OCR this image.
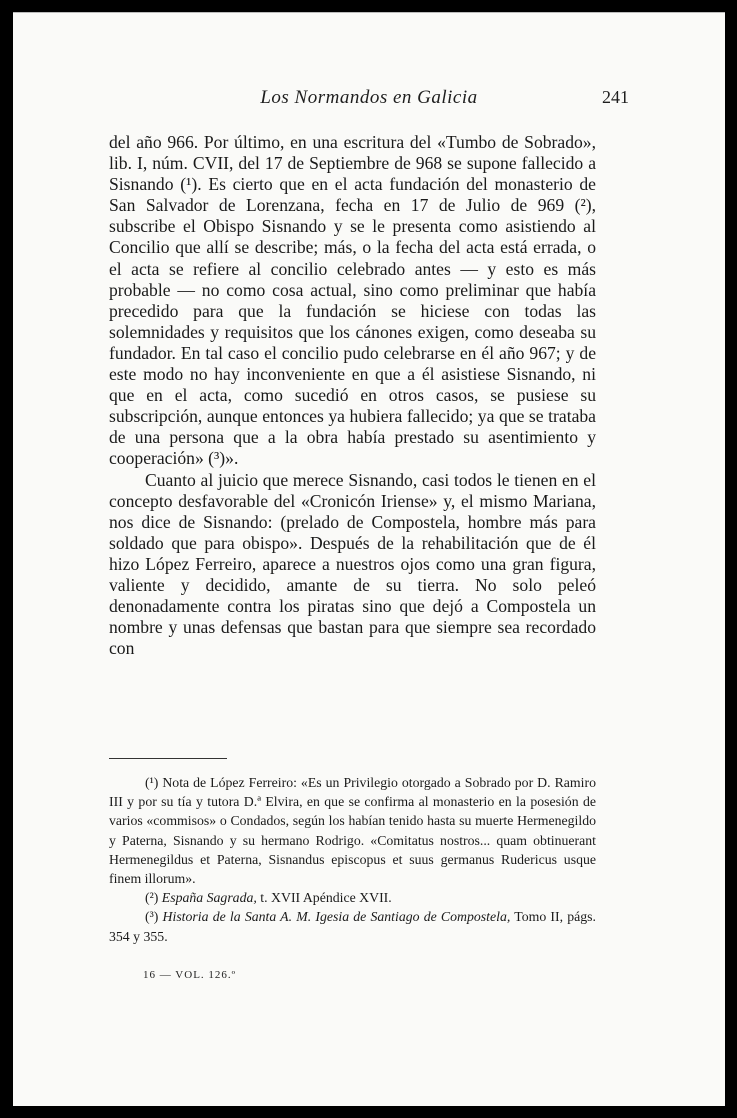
Los Normandos en Galicia	241

del año 966. Por último, en una escritura del «Tumbo de Sobrado», lib. I, núm. CVII, del 17 de Septiembre de 968 se supone fallecido a Sisnando (¹). Es cierto que en el acta fundación del monasterio de San Salvador de Lorenzana, fecha en 17 de Julio de 969 (²), subscribe el Obispo Sisnando y se le presenta como asistiendo al Concilio que allí se describe; más, o la fecha del acta está errada, o el acta se refiere al concilio celebrado antes — y esto es más probable — no como cosa actual, sino como preliminar que había precedido para que la fundación se hiciese con todas las solemnidades y requisitos que los cánones exigen, como deseaba su fundador. En tal caso el concilio pudo celebrarse en él año 967; y de este modo no hay inconveniente en que a él asistiese Sisnando, ni que en el acta, como sucedió en otros casos, se pusiese su subscripción, aunque entonces ya hubiera fallecido; ya que se trataba de una persona que a la obra había prestado su asentimiento y cooperación» (³)».

Cuanto al juicio que merece Sisnando, casi todos le tienen en el concepto desfavorable del «Cronicón Iriense» y, el mismo Mariana, nos dice de Sisnando: (prelado de Compostela, hombre más para soldado que para obispo». Después de la rehabilitación que de él hizo López Ferreiro, aparece a nuestros ojos como una gran figura, valiente y decidido, amante de su tierra. No solo peleó denonadamente contra los piratas sino que dejó a Compostela un nombre y unas defensas que bastan para que siempre sea recordado con

(¹) Nota de López Ferreiro: «Es un Privilegio otorgado a Sobrado por D. Ramiro III y por su tía y tutora D.ª Elvira, en que se confirma al monasterio en la posesión de varios «commisos» o Condados, según los habían tenido hasta su muerte Hermenegildo y Paterna, Sisnando y su hermano Rodrigo. «Comitatus nostros... quam obtinuerant Hermenegildus et Paterna, Sisnandus episcopus et suus germanus Rudericus usque finem illorum».

(²) España Sagrada, t. XVII Apéndice XVII.

(³) Historia de la Santa A. M. Igesia de Santiago de Compostela, Tomo II, págs. 354 y 355.

16 — VOL. 126.º
